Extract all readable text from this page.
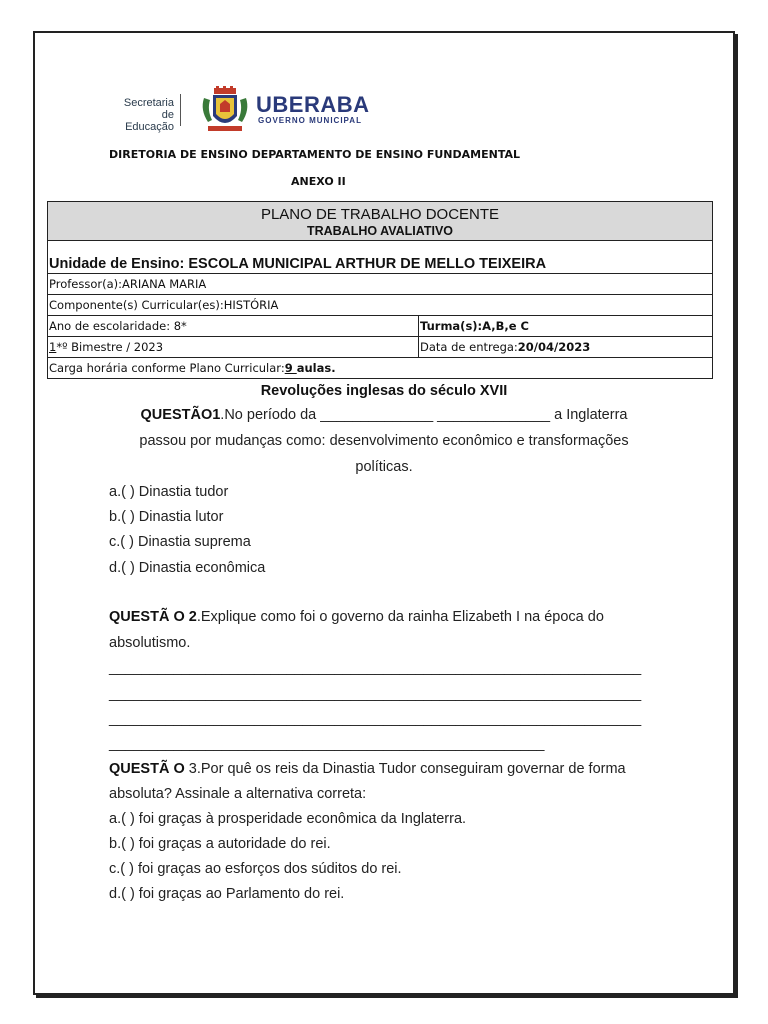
Secretaria de
Educação
UBERABA
GOVERNO MUNICIPAL
DIRETORIA DE ENSINO DEPARTAMENTO DE ENSINO FUNDAMENTAL
ANEXO II
PLANO DE TRABALHO DOCENTE
TRABALHO AVALIATIVO	

Unidade de Ensino: ESCOLA MUNICIPAL ARTHUR DE MELLO TEIXEIRA	
Professor(a):ARIANA MARIA	
Componente(s) Curricular(es):HISTÓRIA	
Ano de escolaridade: 8*	Turma(s):A,B,e C
1*º Bimestre / 2023	Data de entrega:20/04/2023
Carga horária conforme Plano Curricular:9 aulas.	
Revoluções inglesas do século XVII
QUESTÃO1.No período da ______________ ______________ a Inglaterra
passou por mudanças como: desenvolvimento econômico e transformações
políticas.
a.( ) Dinastia tudor
b.( ) Dinastia lutor
c.( ) Dinastia suprema
d.( ) Dinastia econômica
QUESTÃ O 2.Explique como foi o governo da rainha Elizabeth I na época do
absolutismo.
__________________________________________________________________
__________________________________________________________________
__________________________________________________________________
______________________________________________________
QUESTÃ O 3.Por quê os reis da Dinastia Tudor conseguiram governar de forma
absoluta? Assinale a alternativa correta:
a.( ) foi graças à prosperidade econômica da Inglaterra.
b.( ) foi graças a autoridade do rei.
c.( ) foi graças ao esforços dos súditos do rei.
d.( ) foi graças ao Parlamento do rei.
